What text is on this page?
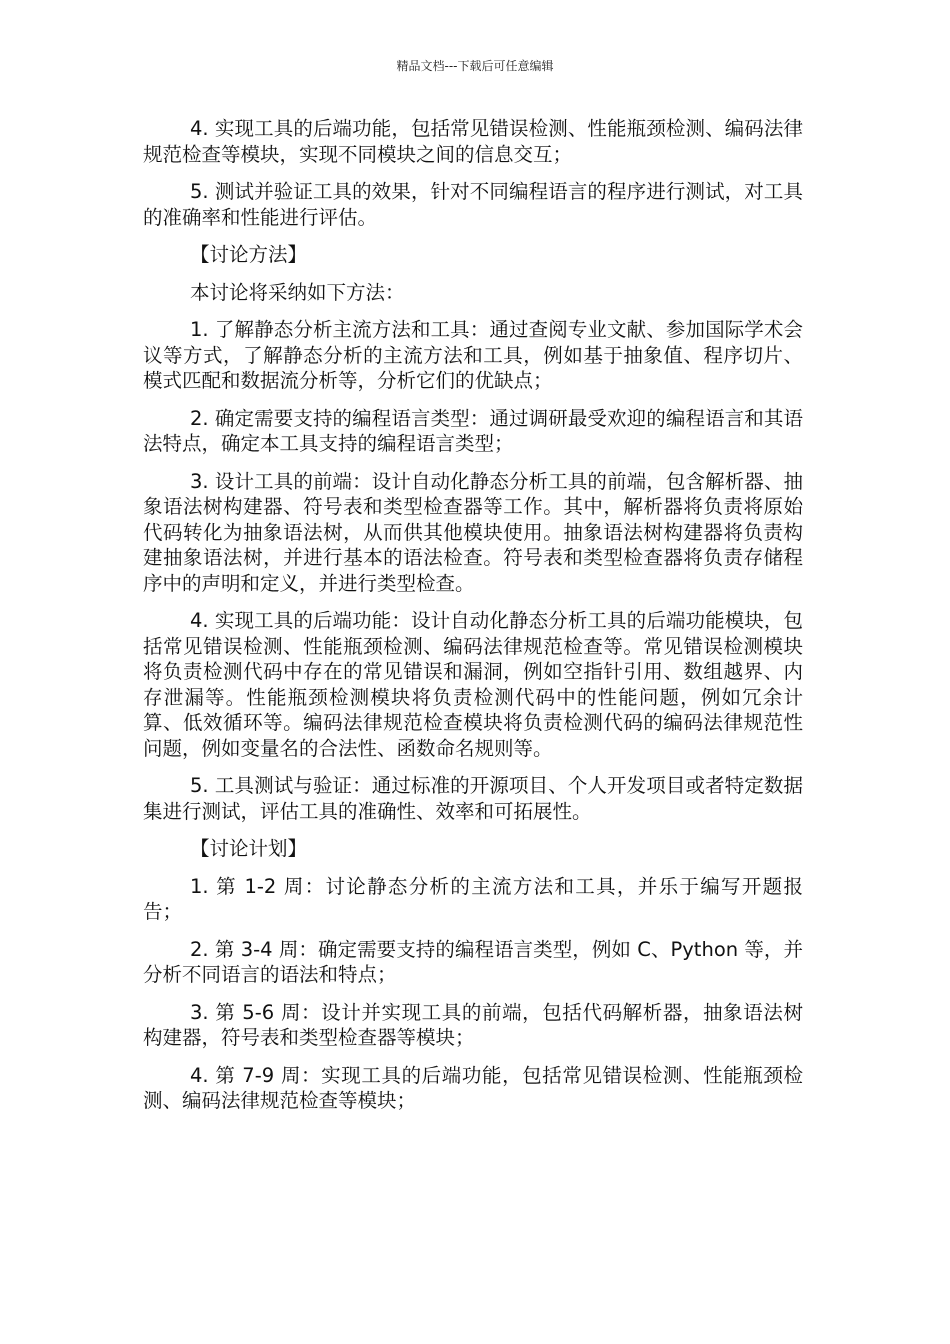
精品文档---下载后可任意编辑

4. 实现工具的后端功能，包括常见错误检测、性能瓶颈检测、编码法律规范检查等模块，实现不同模块之间的信息交互；

5. 测试并验证工具的效果，针对不同编程语言的程序进行测试，对工具的准确率和性能进行评估。

【讨论方法】

本讨论将采纳如下方法：

1. 了解静态分析主流方法和工具：通过查阅专业文献、参加国际学术会议等方式，了解静态分析的主流方法和工具，例如基于抽象值、程序切片、模式匹配和数据流分析等，分析它们的优缺点；

2. 确定需要支持的编程语言类型：通过调研最受欢迎的编程语言和其语法特点，确定本工具支持的编程语言类型；

3. 设计工具的前端：设计自动化静态分析工具的前端，包含解析器、抽象语法树构建器、符号表和类型检查器等工作。其中，解析器将负责将原始代码转化为抽象语法树，从而供其他模块使用。抽象语法树构建器将负责构建抽象语法树，并进行基本的语法检查。符号表和类型检查器将负责存储程序中的声明和定义，并进行类型检查。

4. 实现工具的后端功能：设计自动化静态分析工具的后端功能模块，包括常见错误检测、性能瓶颈检测、编码法律规范检查等。常见错误检测模块将负责检测代码中存在的常见错误和漏洞，例如空指针引用、数组越界、内存泄漏等。性能瓶颈检测模块将负责检测代码中的性能问题，例如冗余计算、低效循环等。编码法律规范检查模块将负责检测代码的编码法律规范性问题，例如变量名的合法性、函数命名规则等。

5. 工具测试与验证：通过标准的开源项目、个人开发项目或者特定数据集进行测试，评估工具的准确性、效率和可拓展性。

【讨论计划】

1. 第 1-2 周：讨论静态分析的主流方法和工具，并乐于编写开题报告；

2. 第 3-4 周：确定需要支持的编程语言类型，例如 C、Python 等，并分析不同语言的语法和特点；

3. 第 5-6 周：设计并实现工具的前端，包括代码解析器，抽象语法树构建器，符号表和类型检查器等模块；

4. 第 7-9 周：实现工具的后端功能，包括常见错误检测、性能瓶颈检测、编码法律规范检查等模块；
